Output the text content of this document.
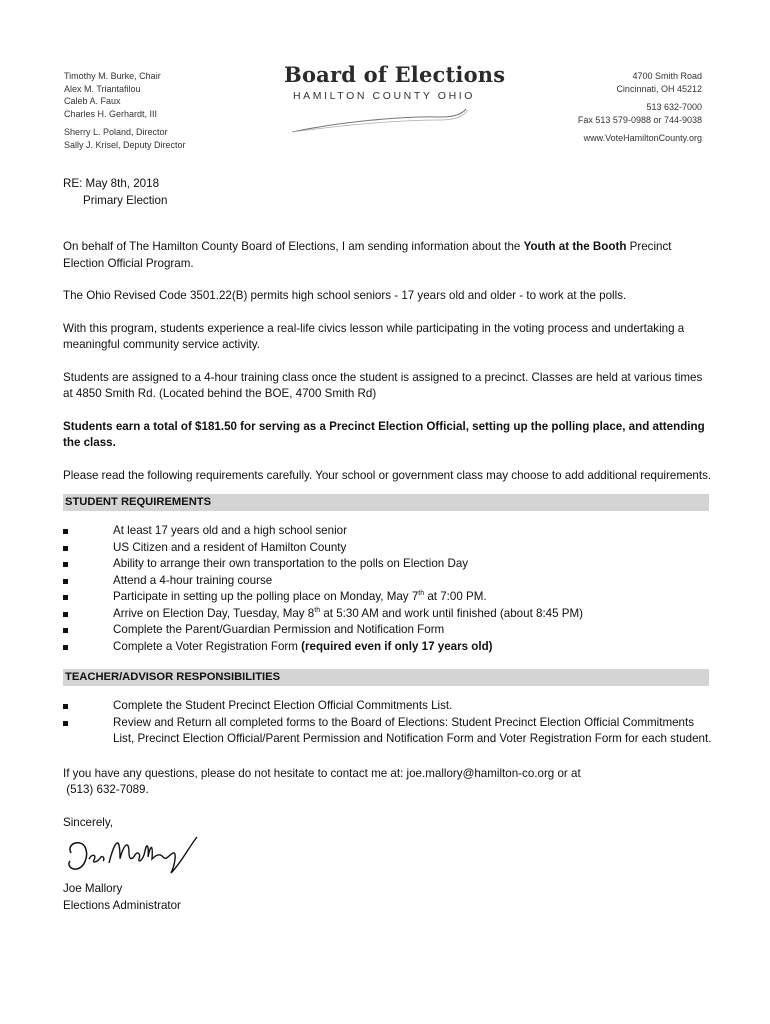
Timothy M. Burke, Chair
Alex M. Triantafilou
Caleb A. Faux
Charles H. Gerhardt, III
Sherry L. Poland, Director
Sally J. Krisel, Deputy Director
Board of Elections
HAMILTON COUNTY OHIO
4700 Smith Road
Cincinnati, OH 45212
513 632-7000
Fax 513 579-0988 or 744-9038
www.VoteHamiltonCounty.org
RE: May 8th, 2018
Primary Election

On behalf of The Hamilton County Board of Elections, I am sending information about the Youth at the Booth Precinct Election Official Program.

The Ohio Revised Code 3501.22(B) permits high school seniors - 17 years old and older - to work at the polls.

With this program, students experience a real-life civics lesson while participating in the voting process and undertaking a meaningful community service activity.

Students are assigned to a 4-hour training class once the student is assigned to a precinct. Classes are held at various times at 4850 Smith Rd. (Located behind the BOE, 4700 Smith Rd)

Students earn a total of $181.50 for serving as a Precinct Election Official, setting up the polling place, and attending the class.

Please read the following requirements carefully. Your school or government class may choose to add additional requirements.

STUDENT REQUIREMENTS
At least 17 years old and a high school senior
US Citizen and a resident of Hamilton County
Ability to arrange their own transportation to the polls on Election Day
Attend a 4-hour training course
Participate in setting up the polling place on Monday, May 7th at 7:00 PM.
Arrive on Election Day, Tuesday, May 8th at 5:30 AM and work until finished (about 8:45 PM)
Complete the Parent/Guardian Permission and Notification Form
Complete a Voter Registration Form (required even if only 17 years old)
TEACHER/ADVISOR RESPONSIBILITIES
Complete the Student Precinct Election Official Commitments List.
Review and Return all completed forms to the Board of Elections: Student Precinct Election Official Commitments List, Precinct Election Official/Parent Permission and Notification Form and Voter Registration Form for each student.

If you have any questions, please do not hesitate to contact me at: joe.mallory@hamilton-co.org or at

(513) 632-7089.

Sincerely,

Joe Mallory

Elections Administrator
